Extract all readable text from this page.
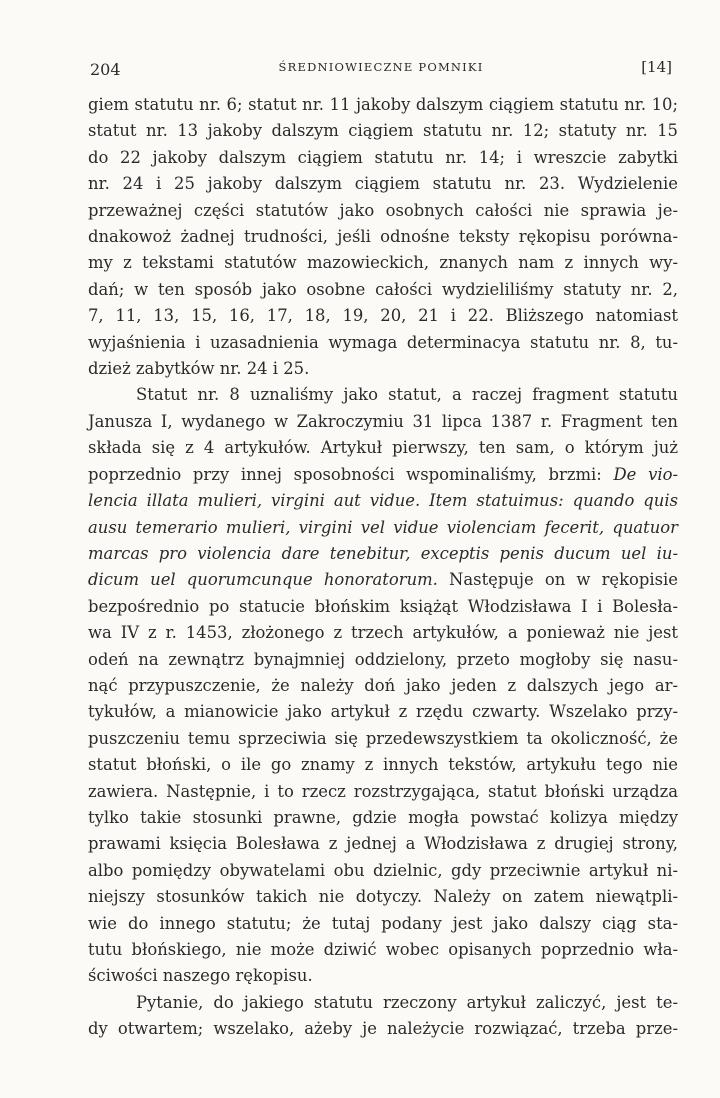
204	ŚREDNIOWIECZNE POMNIKI	[14]

giem statutu nr. 6; statut nr. 11 jakoby dalszym ciągiem statutu nr. 10;
statut nr. 13 jakoby dalszym ciągiem statutu nr. 12; statuty nr. 15
do 22 jakoby dalszym ciągiem statutu nr. 14; i wreszcie zabytki
nr. 24 i 25 jakoby dalszym ciągiem statutu nr. 23. Wydzielenie
przeważnej części statutów jako osobnych całości nie sprawia je-
dnakowoż żadnej trudności, jeśli odnośne teksty rękopisu porówna-
my z tekstami statutów mazowieckich, znanych nam z innych wy-
dań; w ten sposób jako osobne całości wydzieliliśmy statuty nr. 2,
7, 11, 13, 15, 16, 17, 18, 19, 20, 21 i 22. Bliższego natomiast
wyjaśnienia i uzasadnienia wymaga determinacya statutu nr. 8, tu-
dzież zabytków nr. 24 i 25.

Statut nr. 8 uznaliśmy jako statut, a raczej fragment statutu
Janusza I, wydanego w Zakroczymiu 31 lipca 1387 r. Fragment ten
składa się z 4 artykułów. Artykuł pierwszy, ten sam, o którym już
poprzednio przy innej sposobności wspominaliśmy, brzmi: De vio-
lencia illata mulieri, virgini aut vidue. Item statuimus: quando quis
ausu temerario mulieri, virgini vel vidue violenciam fecerit, quatuor
marcas pro violencia dare tenebitur, exceptis penis ducum uel iu-
dicum uel quorumcunque honoratorum. Następuje on w rękopisie
bezpośrednio po statucie błońskim książąt Włodzisława I i Bolesła-
wa IV z r. 1453, złożonego z trzech artykułów, a ponieważ nie jest
odeń na zewnątrz bynajmniej oddzielony, przeto mogłoby się nasu-
nąć przypuszczenie, że należy doń jako jeden z dalszych jego ar-
tykułów, a mianowicie jako artykuł z rzędu czwarty. Wszelako przy-
puszczeniu temu sprzeciwia się przedewszystkiem ta okoliczność, że
statut błoński, o ile go znamy z innych tekstów, artykułu tego nie
zawiera. Następnie, i to rzecz rozstrzygająca, statut błoński urządza
tylko takie stosunki prawne, gdzie mogła powstać kolizya między
prawami księcia Bolesława z jednej a Włodzisława z drugiej strony,
albo pomiędzy obywatelami obu dzielnic, gdy przeciwnie artykuł ni-
niejszy stosunków takich nie dotyczy. Należy on zatem niewątpli-
wie do innego statutu; że tutaj podany jest jako dalszy ciąg sta-
tutu błońskiego, nie może dziwić wobec opisanych poprzednio wła-
ściwości naszego rękopisu.

Pytanie, do jakiego statutu rzeczony artykuł zaliczyć, jest te-
dy otwartem; wszelako, ażeby je należycie rozwiązać, trzeba prze-
